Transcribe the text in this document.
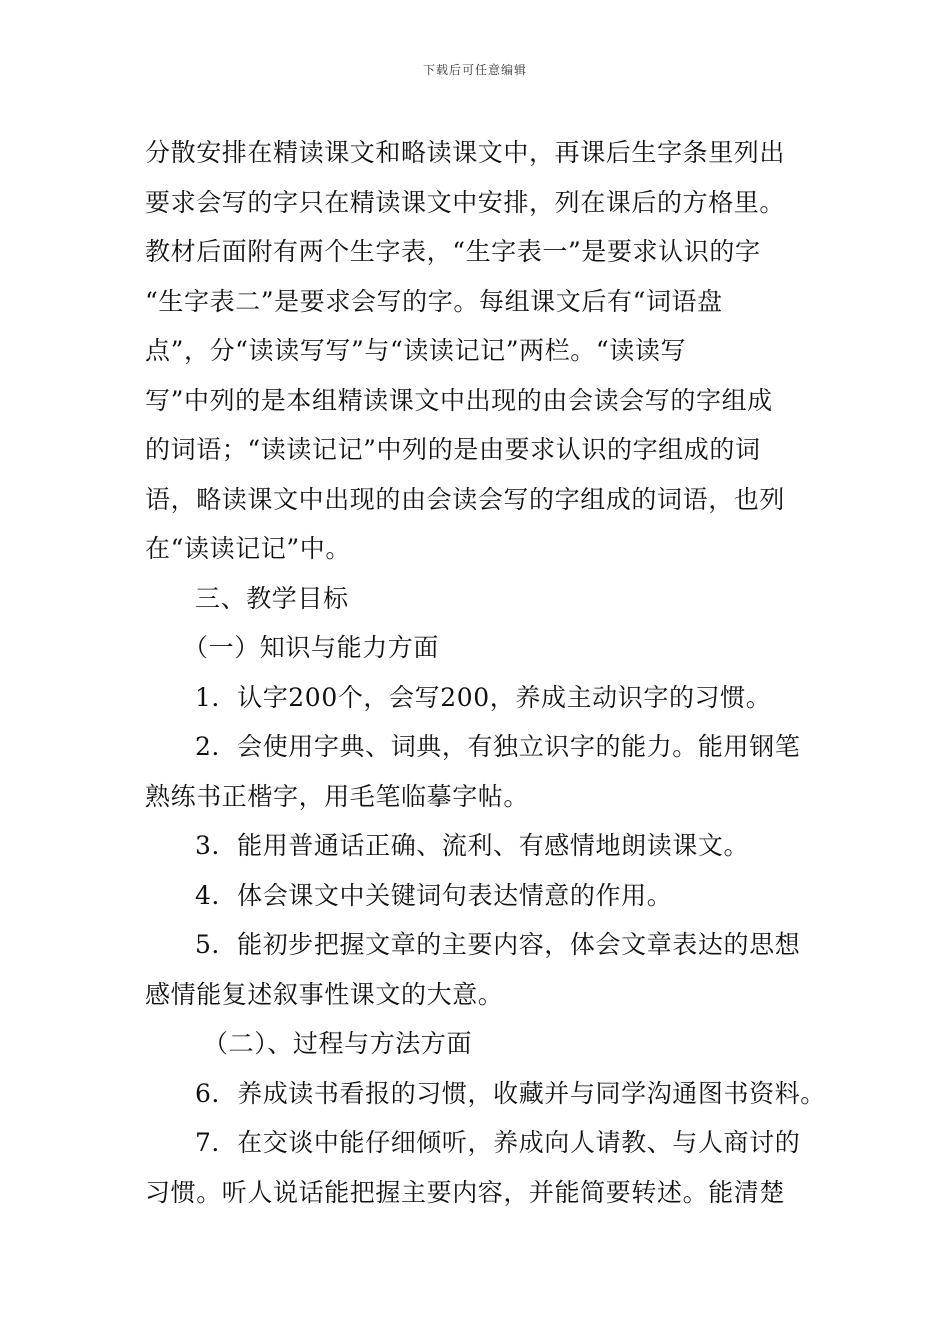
下载后可任意编辑
分散安排在精读课文和略读课文中，再课后生字条里列出
要求会写的字只在精读课文中安排，列在课后的方格里。
教材后面附有两个生字表，“生字表一”是要求认识的字
“生字表二”是要求会写的字。每组课文后有“词语盘
点”，分“读读写写”与“读读记记”两栏。“读读写
写”中列的是本组精读课文中出现的由会读会写的字组成
的词语；“读读记记”中列的是由要求认识的字组成的词
语，略读课文中出现的由会读会写的字组成的词语，也列
在“读读记记”中。
三、教学目标
（一）知识与能力方面
1．认字200个，会写200，养成主动识字的习惯。
2．会使用字典、词典，有独立识字的能力。能用钢笔
熟练书正楷字，用毛笔临摹字帖。
3．能用普通话正确、流利、有感情地朗读课文。
4．体会课文中关键词句表达情意的作用。
5．能初步把握文章的主要内容，体会文章表达的思想
感情能复述叙事性课文的大意。
（二）、过程与方法方面
6．养成读书看报的习惯，收藏并与同学沟通图书资料。
7．在交谈中能仔细倾听，养成向人请教、与人商讨的
习惯。听人说话能把握主要内容，并能简要转述。能清楚
